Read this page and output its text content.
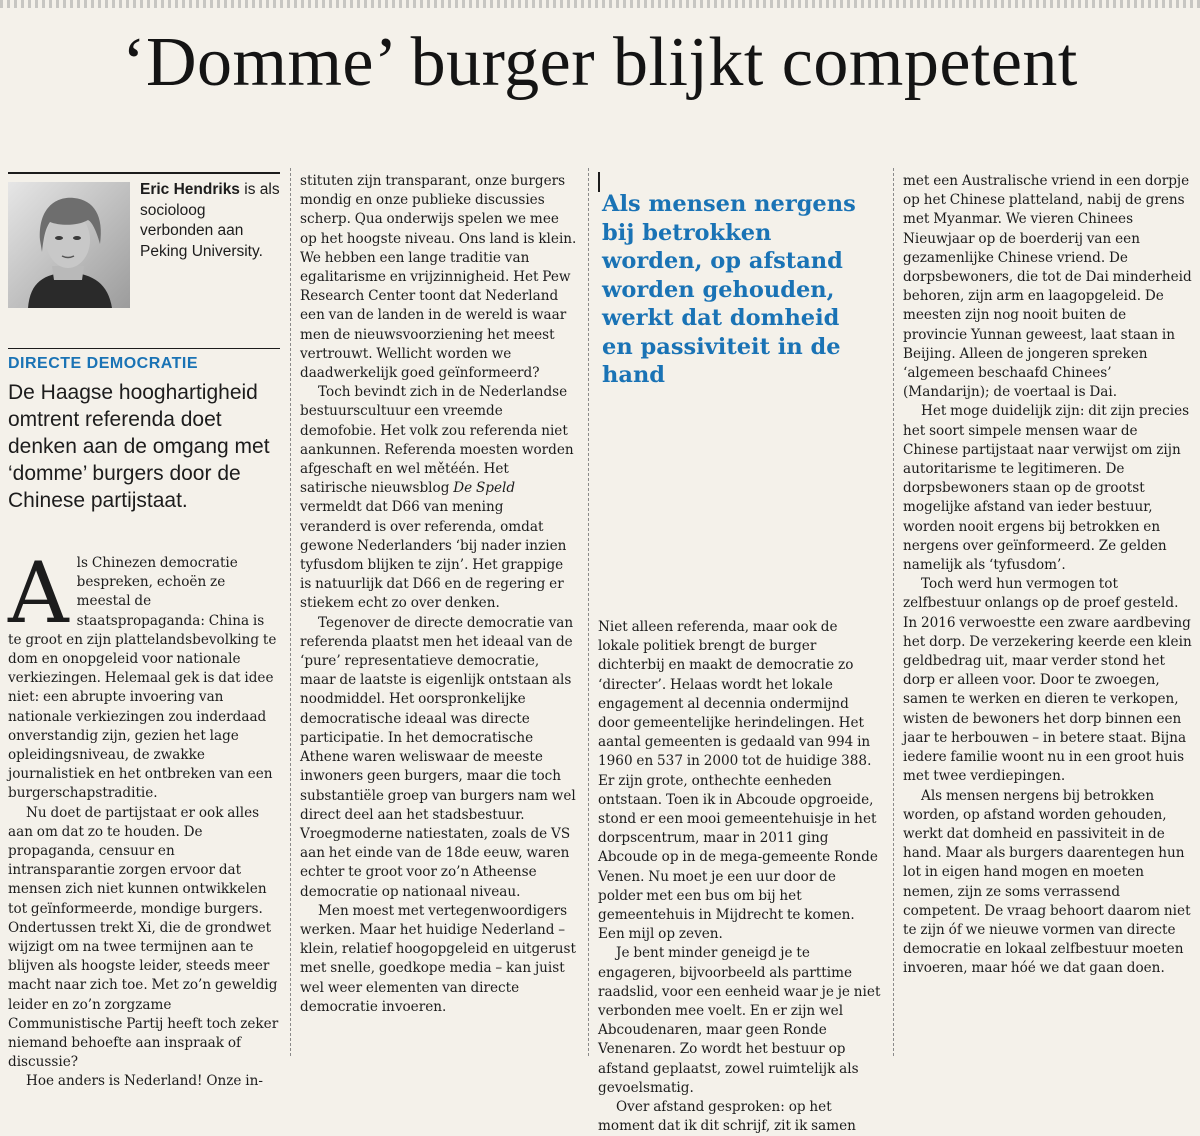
‘Domme’ burger blijkt competent
Eric Hendriks is als socioloog verbonden aan Peking University.
DIRECTE DEMOCRATIE
De Haagse hooghartigheid omtrent referenda doet denken aan de omgang met ‘domme’ burgers door de Chinese partijstaat.

Als Chinezen democratie bespreken, echoën ze meestal de staatspropaganda: China is te groot en zijn plattelandsbevolking te dom en onopgeleid voor nationale verkiezingen. Helemaal gek is dat idee niet: een abrupte invoering van nationale verkiezingen zou inderdaad onverstandig zijn, gezien het lage opleidingsniveau, de zwakke journalistiek en het ontbreken van een burgerschapstraditie.

Nu doet de partijstaat er ook alles aan om dat zo te houden. De propaganda, censuur en intransparantie zorgen ervoor dat mensen zich niet kunnen ontwikkelen tot geïnformeerde, mondige burgers. Ondertussen trekt Xi, die de grondwet wijzigt om na twee termijnen aan te blijven als hoogste leider, steeds meer macht naar zich toe. Met zo’n geweldig leider en zo’n zorgzame Communistische Partij heeft toch zeker niemand behoefte aan inspraak of discussie?

Hoe anders is Nederland! Onze in-

stituten zijn transparant, onze burgers mondig en onze publieke discussies scherp. Qua onderwijs spelen we mee op het hoogste niveau. Ons land is klein. We hebben een lange traditie van egalitarisme en vrijzinnigheid. Het Pew Research Center toont dat Nederland een van de landen in de wereld is waar men de nieuwsvoorziening het meest vertrouwt. Wellicht worden we daadwerkelijk goed geïnformeerd?

Toch bevindt zich in de Nederlandse bestuurscultuur een vreemde demofobie. Het volk zou referenda niet aankunnen. Referenda moesten worden afgeschaft en wel mětéén. Het satirische nieuwsblog De Speld vermeldt dat D66 van mening veranderd is over referenda, omdat gewone Nederlanders ‘bij nader inzien tyfusdom blijken te zijn’. Het grappige is natuurlijk dat D66 en de regering er stiekem echt zo over denken.

Tegenover de directe democratie van referenda plaatst men het ideaal van de ‘pure’ representatieve democratie, maar de laatste is eigenlijk ontstaan als noodmiddel. Het oorspronkelijke democratische ideaal was directe participatie. In het democratische Athene waren weliswaar de meeste inwoners geen burgers, maar die toch substantiële groep van burgers nam wel direct deel aan het stadsbestuur. Vroegmoderne natiestaten, zoals de VS aan het einde van de 18de eeuw, waren echter te groot voor zo’n Atheense democratie op nationaal niveau.

Men moest met vertegenwoordigers werken. Maar het huidige Nederland – klein, relatief hoogopgeleid en uitgerust met snelle, goedkope media – kan juist wel weer elementen van directe democratie invoeren.

Als mensen nergens bij betrokken worden, op afstand worden gehouden, werkt dat domheid en passiviteit in de hand

Niet alleen referenda, maar ook de lokale politiek brengt de burger dichterbij en maakt de democratie zo ‘directer’. Helaas wordt het lokale engagement al decennia ondermijnd door gemeentelijke herindelingen. Het aantal gemeenten is gedaald van 994 in 1960 en 537 in 2000 tot de huidige 388. Er zijn grote, onthechte eenheden ontstaan. Toen ik in Abcoude opgroeide, stond er een mooi gemeentehuisje in het dorpscentrum, maar in 2011 ging Abcoude op in de mega-gemeente Ronde Venen. Nu moet je een uur door de polder met een bus om bij het gemeentehuis in Mijdrecht te komen. Een mijl op zeven.

Je bent minder geneigd je te engageren, bijvoorbeeld als parttime raadslid, voor een eenheid waar je je niet verbonden mee voelt. En er zijn wel Abcoudenaren, maar geen Ronde Venenaren. Zo wordt het bestuur op afstand geplaatst, zowel ruimtelijk als gevoelsmatig.

Over afstand gesproken: op het moment dat ik dit schrijf, zit ik samen

met een Australische vriend in een dorpje op het Chinese platteland, nabij de grens met Myanmar. We vieren Chinees Nieuwjaar op de boerderij van een gezamenlijke Chinese vriend. De dorpsbewoners, die tot de Dai minderheid behoren, zijn arm en laagopgeleid. De meesten zijn nog nooit buiten de provincie Yunnan geweest, laat staan in Beijing. Alleen de jongeren spreken ‘algemeen beschaafd Chinees’ (Mandarijn); de voertaal is Dai.

Het moge duidelijk zijn: dit zijn precies het soort simpele mensen waar de Chinese partijstaat naar verwijst om zijn autoritarisme te legitimeren. De dorpsbewoners staan op de grootst mogelijke afstand van ieder bestuur, worden nooit ergens bij betrokken en nergens over geïnformeerd. Ze gelden namelijk als ‘tyfusdom’.

Toch werd hun vermogen tot zelfbestuur onlangs op de proef gesteld. In 2016 verwoestte een zware aardbeving het dorp. De verzekering keerde een klein geldbedrag uit, maar verder stond het dorp er alleen voor. Door te zwoegen, samen te werken en dieren te verkopen, wisten de bewoners het dorp binnen een jaar te herbouwen – in betere staat. Bijna iedere familie woont nu in een groot huis met twee verdiepingen.

Als mensen nergens bij betrokken worden, op afstand worden gehouden, werkt dat domheid en passiviteit in de hand. Maar als burgers daarentegen hun lot in eigen hand mogen en moeten nemen, zijn ze soms verrassend competent. De vraag behoort daarom niet te zijn óf we nieuwe vormen van directe democratie en lokaal zelfbestuur moeten invoeren, maar hóé we dat gaan doen.
